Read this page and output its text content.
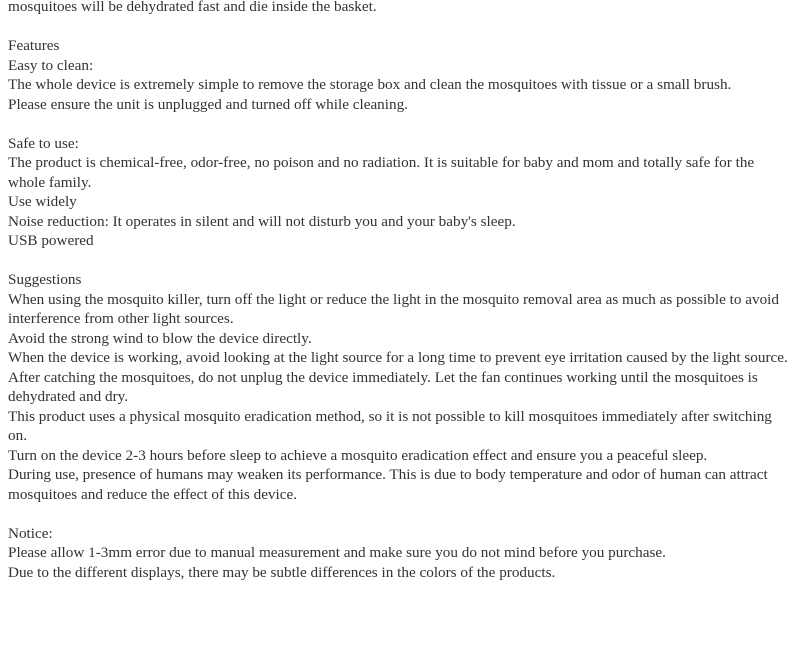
mosquitoes will be dehydrated fast and die inside the basket.
Features
Easy to clean:
The whole device is extremely simple to remove the storage box and clean the mosquitoes with tissue or a small brush.
Please ensure the unit is unplugged and turned off while cleaning.
Safe to use:
The product is chemical-free, odor-free, no poison and no radiation. It is suitable for baby and mom and totally safe for the whole family.
Use widely
Noise reduction: It operates in silent and will not disturb you and your baby's sleep.
USB powered
Suggestions
When using the mosquito killer, turn off the light or reduce the light in the mosquito removal area as much as possible to avoid interference from other light sources.
Avoid the strong wind to blow the device directly.
When the device is working, avoid looking at the light source for a long time to prevent eye irritation caused by the light source.
After catching the mosquitoes, do not unplug the device immediately. Let the fan continues working until the mosquitoes is dehydrated and dry.
This product uses a physical mosquito eradication method, so it is not possible to kill mosquitoes immediately after switching on.
Turn on the device 2-3 hours before sleep to achieve a mosquito eradication effect and ensure you a peaceful sleep.
During use, presence of humans may weaken its performance. This is due to body temperature and odor of human can attract mosquitoes and reduce the effect of this device.
Notice:
Please allow 1-3mm error due to manual measurement and make sure you do not mind before you purchase.
Due to the different displays, there may be subtle differences in the colors of the products.
